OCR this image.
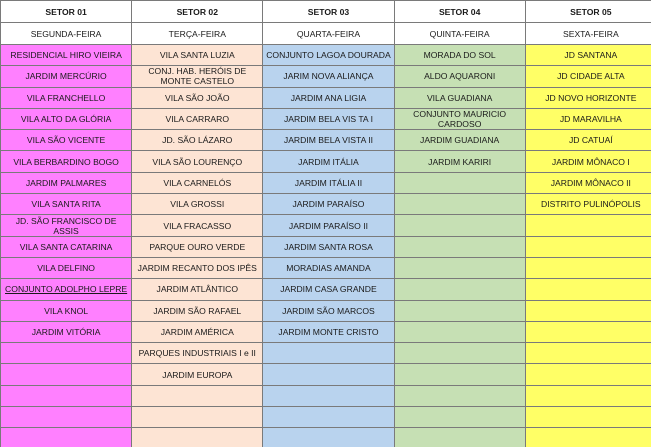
SETOR 01	SETOR 02	SETOR 03	SETOR 04	SETOR 05
SEGUNDA-FEIRA	TERÇA-FEIRA	QUARTA-FEIRA	QUINTA-FEIRA	SEXTA-FEIRA
RESIDENCIAL HIRO VIEIRA	VILA SANTA LUZIA	CONJUNTO LAGOA DOURADA	MORADA DO SOL	JD SANTANA
JARDIM MERCÚRIO	CONJ. HAB. HERÓIS DE MONTE CASTELO	JARIM NOVA ALIANÇA	ALDO AQUARONI	JD CIDADE ALTA
VILA FRANCHELLO	VILA SÃO JOÃO	JARDIM ANA LIGIA	VILA GUADIANA	JD NOVO HORIZONTE
VILA ALTO DA GLÓRIA	VILA CARRARO	JARDIM BELA VIS TA I	CONJUNTO MAURICIO CARDOSO	JD MARAVILHA
VILA SÃO VICENTE	JD. SÃO LÁZARO	JARDIM BELA VISTA II	JARDIM GUADIANA	JD CATUAÍ
VILA BERBARDINO BOGO	VILA SÃO LOURENÇO	JARDIM ITÁLIA	JARDIM KARIRI	JARDIM MÔNACO I
JARDIM PALMARES	VILA CARNELÓS	JARDIM ITÁLIA II		JARDIM MÔNACO II
VILA SANTA RITA	VILA GROSSI	JARDIM PARAÍSO		DISTRITO PULINÓPOLIS
JD. SÃO FRANCISCO DE ASSIS	VILA FRACASSO	JARDIM PARAÍSO II		
VILA SANTA CATARINA	PARQUE OURO VERDE	JARDIM SANTA ROSA		
VILA DELFINO	JARDIM RECANTO DOS IPÊS	MORADIAS AMANDA		
CONJUNTO ADOLPHO LEPRE	JARDIM ATLÂNTICO	JARDIM CASA GRANDE		
VILA KNOL	JARDIM SÃO RAFAEL	JARDIM SÃO MARCOS		
JARDIM VITÓRIA	JARDIM AMÉRICA	JARDIM MONTE CRISTO		
	PARQUES INDUSTRIAIS I e II			
	JARDIM EUROPA			
